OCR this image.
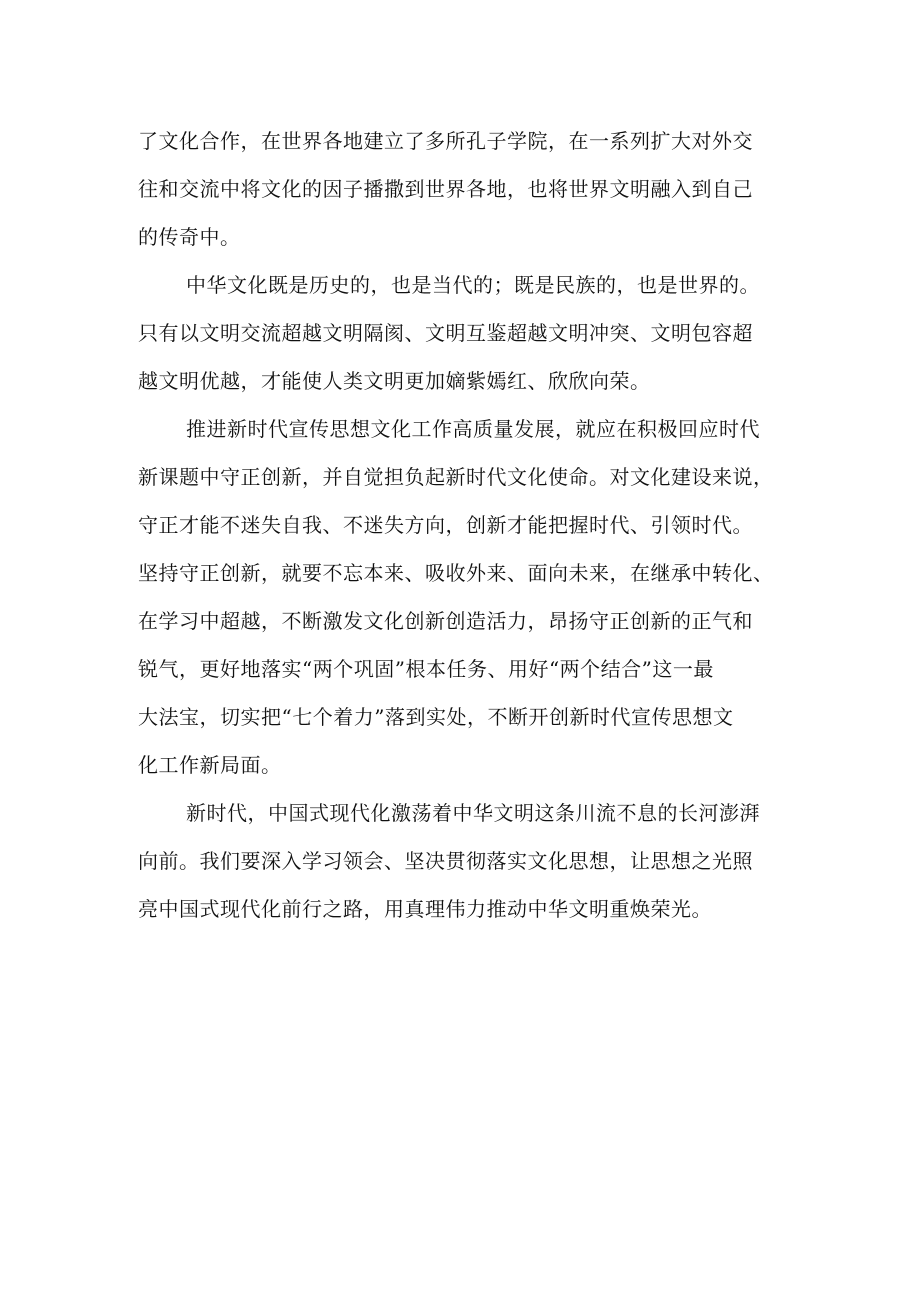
了文化合作，在世界各地建立了多所孔子学院，在一系列扩大对外交
往和交流中将文化的因子播撒到世界各地，也将世界文明融入到自己
的传奇中。
中华文化既是历史的，也是当代的；既是民族的，也是世界的。
只有以文明交流超越文明隔阂、文明互鉴超越文明冲突、文明包容超
越文明优越，才能使人类文明更加嫡紫嫣红、欣欣向荣。
推进新时代宣传思想文化工作高质量发展，就应在积极回应时代
新课题中守正创新，并自觉担负起新时代文化使命。对文化建设来说，
守正才能不迷失自我、不迷失方向，创新才能把握时代、引领时代。
坚持守正创新，就要不忘本来、吸收外来、面向未来，在继承中转化、
在学习中超越，不断激发文化创新创造活力，昂扬守正创新的正气和
锐气，更好地落实“两个巩固”根本任务、用好“两个结合”这一最
大法宝，切实把“七个着力”落到实处，不断开创新时代宣传思想文
化工作新局面。
新时代，中国式现代化激荡着中华文明这条川流不息的长河澎湃
向前。我们要深入学习领会、坚决贯彻落实文化思想，让思想之光照
亮中国式现代化前行之路，用真理伟力推动中华文明重焕荣光。
